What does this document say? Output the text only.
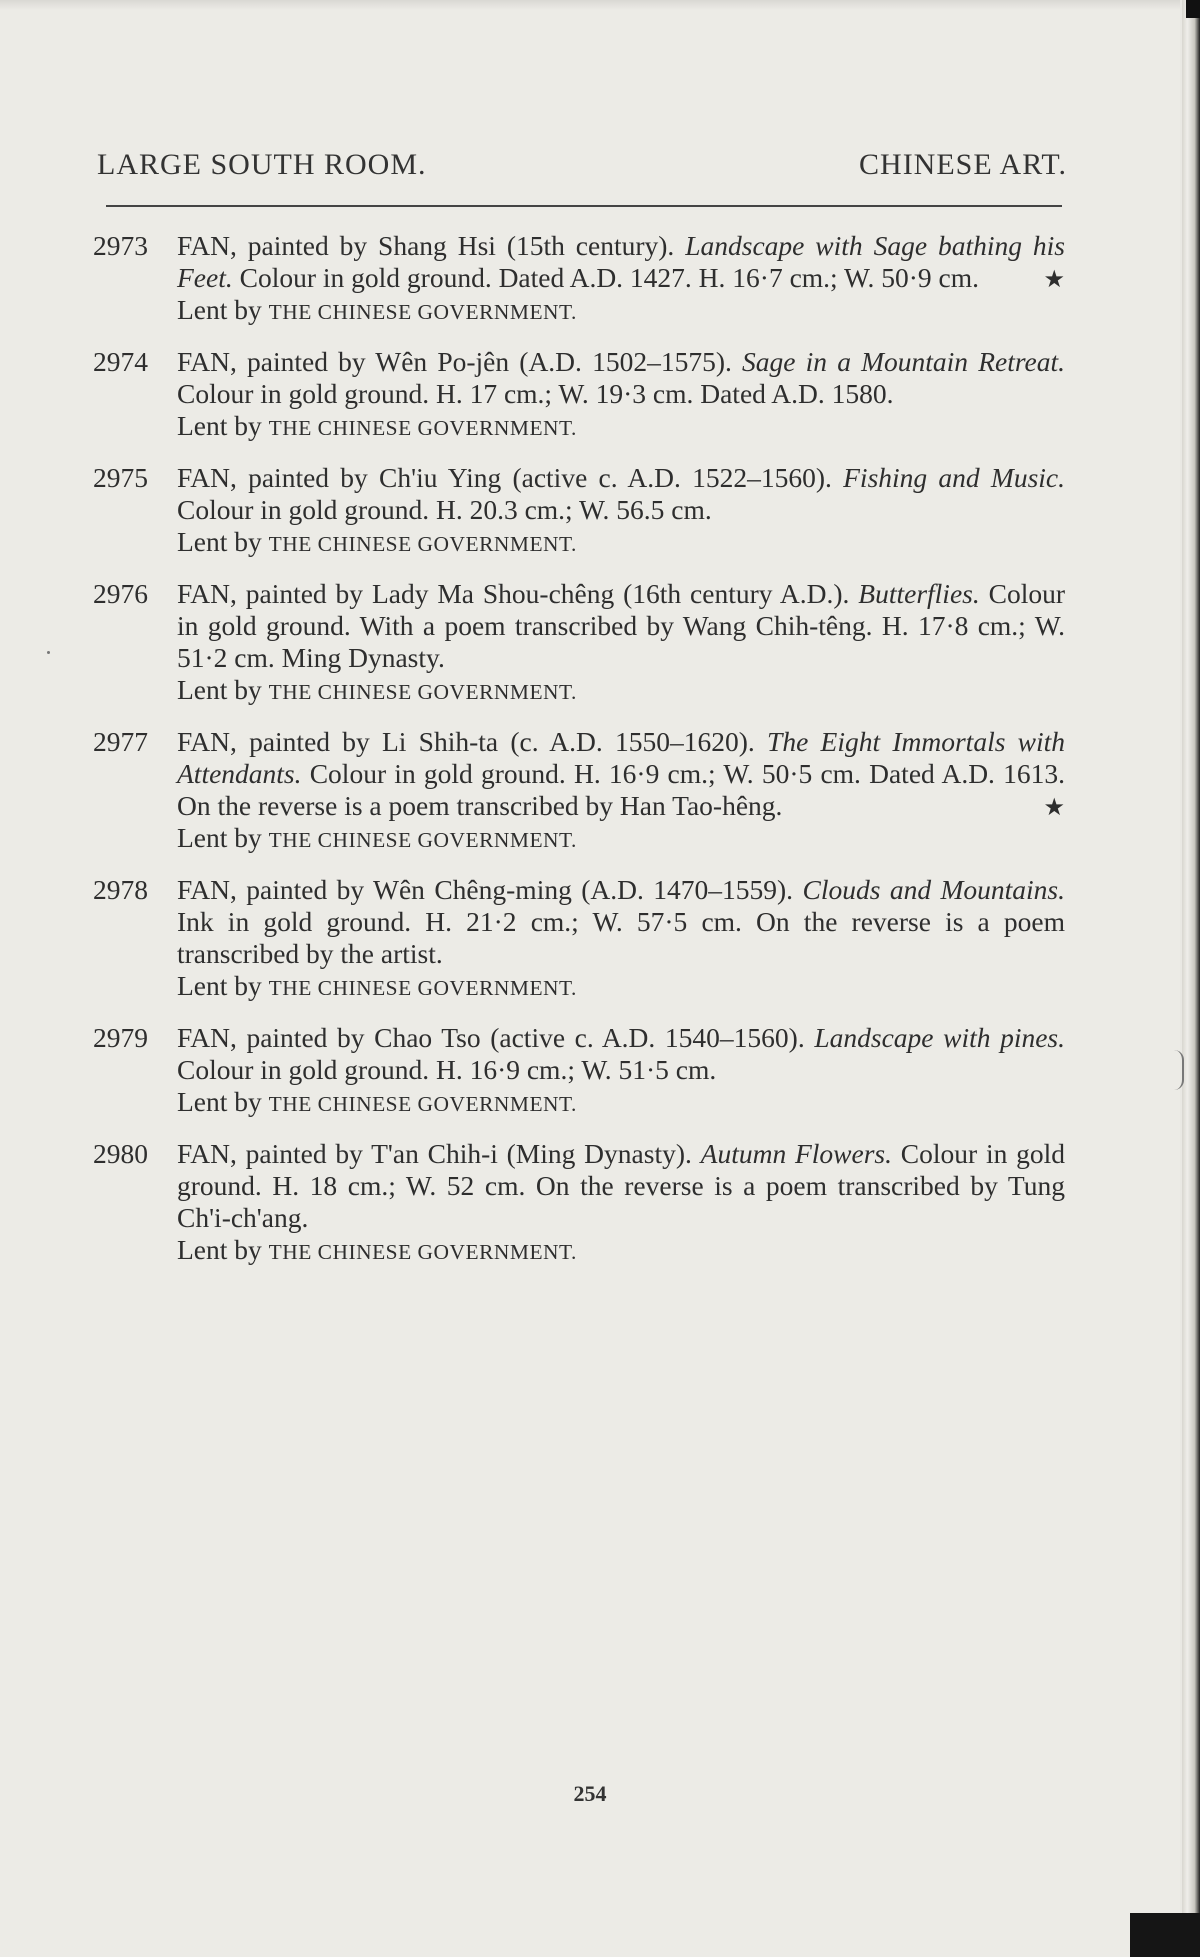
LARGE SOUTH ROOM.	CHINESE ART.
2973 FAN, painted by Shang Hsi (15th century). Landscape with Sage bathing his Feet. Colour in gold ground. Dated A.D. 1427. H. 16·7 cm.; W. 50·9 cm.	★
Lent by THE CHINESE GOVERNMENT.
2974 FAN, painted by Wên Po-jên (A.D. 1502–1575). Sage in a Mountain Retreat. Colour in gold ground. H. 17 cm.; W. 19·3 cm. Dated A.D. 1580.
Lent by THE CHINESE GOVERNMENT.
2975 FAN, painted by Ch'iu Ying (active c. A.D. 1522–1560). Fishing and Music. Colour in gold ground. H. 20.3 cm.; W. 56.5 cm.
Lent by THE CHINESE GOVERNMENT.
2976 FAN, painted by Lady Ma Shou-chêng (16th century A.D.). Butterflies. Colour in gold ground. With a poem transcribed by Wang Chih-têng. H. 17·8 cm.; W. 51·2 cm. Ming Dynasty.
Lent by THE CHINESE GOVERNMENT.
2977 FAN, painted by Li Shih-ta (c. A.D. 1550–1620). The Eight Immortals with Attendants. Colour in gold ground. H. 16·9 cm.; W. 50·5 cm. Dated A.D. 1613. On the reverse is a poem transcribed by Han Tao-hêng.	★
Lent by THE CHINESE GOVERNMENT.
2978 FAN, painted by Wên Chêng-ming (A.D. 1470–1559). Clouds and Mountains. Ink in gold ground. H. 21·2 cm.; W. 57·5 cm. On the reverse is a poem transcribed by the artist.
Lent by THE CHINESE GOVERNMENT.
2979 FAN, painted by Chao Tso (active c. A.D. 1540–1560). Landscape with pines. Colour in gold ground. H. 16·9 cm.; W. 51·5 cm.
Lent by THE CHINESE GOVERNMENT.
2980 FAN, painted by T'an Chih-i (Ming Dynasty). Autumn Flowers. Colour in gold ground. H. 18 cm.; W. 52 cm. On the reverse is a poem transcribed by Tung Ch'i-ch'ang.
Lent by THE CHINESE GOVERNMENT.
254
